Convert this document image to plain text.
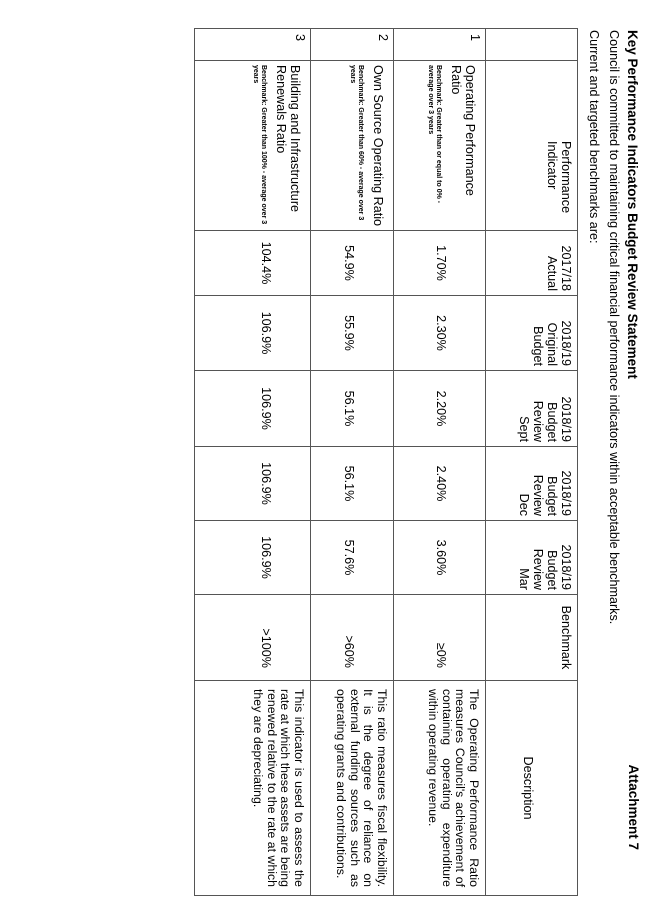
Key Performance Indicators Budget Review Statement
Attachment 7
Council is committed to maintaining critical financial performance indicators within acceptable benchmarks.
Current and targeted benchmarks are:
	Performance Indicator	2017/18 Actual	2018/19 Original Budget	2018/19 Budget Review Sept	2018/19 Budget Review Dec	2018/19 Budget Review Mar	Benchmark	Description
1	Operating Performance Ratio
Benchmark: Greater than or equal to 0% - average over 3 years	1.70%	2.30%	2.20%	2.40%	3.60%	≥0%	The Operating Performance Ratio measures Council's achievement of containing operating expenditure within operating revenue.
2	Own Source Operating Ratio
Benchmark: Greater than 60% - average over 3 years	54.9%	55.9%	56.1%	56.1%	57.6%	>60%	This ratio measures fiscal flexibility. It is the degree of reliance on external funding sources such as operating grants and contributions.
3	Building and Infrastructure Renewals Ratio
Benchmark: Greater than 100% - average over 3 years	104.4%	106.9%	106.9%	106.9%	106.9%	>100%	This indicator is used to assess the rate at which these assets are being renewed relative to the rate at which they are depreciating.
